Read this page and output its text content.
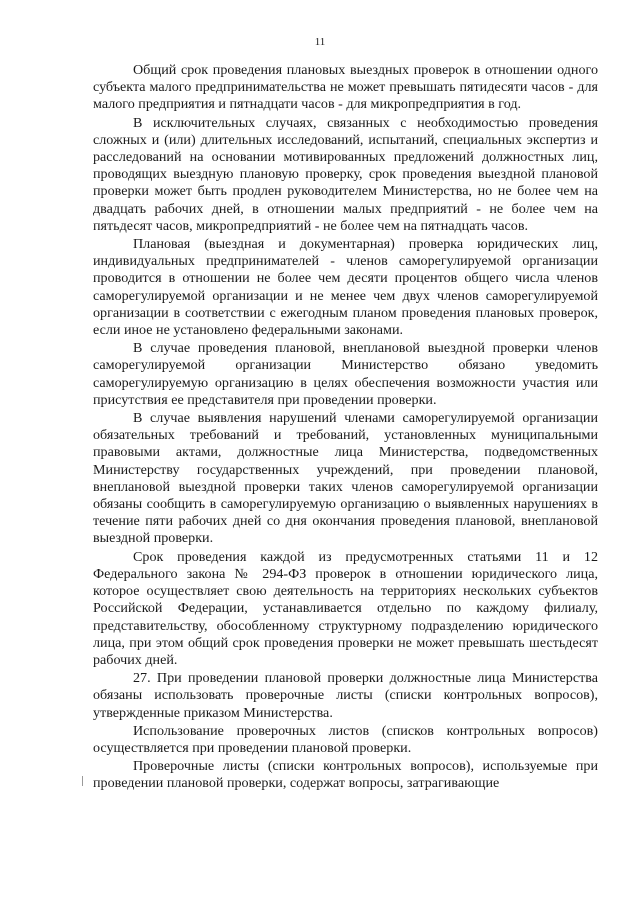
11

Общий срок проведения плановых выездных проверок в отношении одного субъекта малого предпринимательства не может превышать пятидесяти часов - для малого предприятия и пятнадцати часов - для микропредприятия в год.

В исключительных случаях, связанных с необходимостью проведения сложных и (или) длительных исследований, испытаний, специальных экспертиз и расследований на основании мотивированных предложений должностных лиц, проводящих выездную плановую проверку, срок проведения выездной плановой проверки может быть продлен руководителем Министерства, но не более чем на двадцать рабочих дней, в отношении малых предприятий - не более чем на пятьдесят часов, микропредприятий - не более чем на пятнадцать часов.

Плановая (выездная и документарная) проверка юридических лиц, индивидуальных предпринимателей - членов саморегулируемой организации проводится в отношении не более чем десяти процентов общего числа членов саморегулируемой организации и не менее чем двух членов саморегулируемой организации в соответствии с ежегодным планом проведения плановых проверок, если иное не установлено федеральными законами.

В случае проведения плановой, внеплановой выездной проверки членов саморегулируемой организации Министерство обязано уведомить саморегулируемую организацию в целях обеспечения возможности участия или присутствия ее представителя при проведении проверки.

В случае выявления нарушений членами саморегулируемой организации обязательных требований и требований, установленных муниципальными правовыми актами, должностные лица Министерства, подведомственных Министерству государственных учреждений, при проведении плановой, внеплановой выездной проверки таких членов саморегулируемой организации обязаны сообщить в саморегулируемую организацию о выявленных нарушениях в течение пяти рабочих дней со дня окончания проведения плановой, внеплановой выездной проверки.

Срок проведения каждой из предусмотренных статьями 11 и 12 Федерального закона № 294-ФЗ проверок в отношении юридического лица, которое осуществляет свою деятельность на территориях нескольких субъектов Российской Федерации, устанавливается отдельно по каждому филиалу, представительству, обособленному структурному подразделению юридического лица, при этом общий срок проведения проверки не может превышать шестьдесят рабочих дней.

27. При проведении плановой проверки должностные лица Министерства обязаны использовать проверочные листы (списки контрольных вопросов), утвержденные приказом Министерства.

Использование проверочных листов (списков контрольных вопросов) осуществляется при проведении плановой проверки.

Проверочные листы (списки контрольных вопросов), используемые при проведении плановой проверки, содержат вопросы, затрагивающие
